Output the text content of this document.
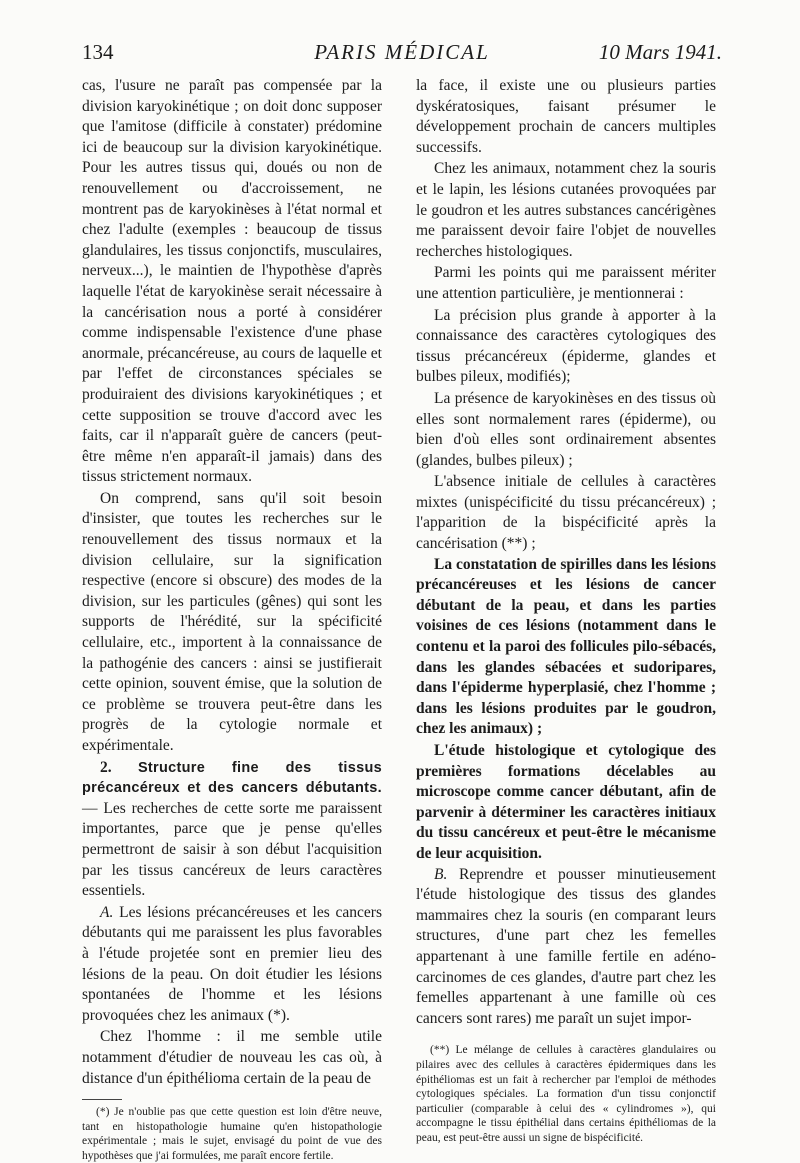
134	PARIS MÉDICAL	10 Mars 1941.

cas, l'usure ne paraît pas compensée par la division karyokinétique ; on doit donc supposer que l'amitose (difficile à constater) prédomine ici de beaucoup sur la division karyokinétique. Pour les autres tissus qui, doués ou non de renouvellement ou d'accroissement, ne montrent pas de karyokinèses à l'état normal et chez l'adulte (exemples : beaucoup de tissus glandulaires, les tissus conjonctifs, musculaires, nerveux...), le maintien de l'hypothèse d'après laquelle l'état de karyokinèse serait nécessaire à la cancérisation nous a porté à considérer comme indispensable l'existence d'une phase anormale, précancéreuse, au cours de laquelle et par l'effet de circonstances spéciales se produiraient des divisions karyokinétiques ; et cette supposition se trouve d'accord avec les faits, car il n'apparaît guère de cancers (peut-être même n'en apparaît-il jamais) dans des tissus strictement normaux.

On comprend, sans qu'il soit besoin d'insister, que toutes les recherches sur le renouvellement des tissus normaux et la division cellulaire, sur la signification respective (encore si obscure) des modes de la division, sur les particules (gênes) qui sont les supports de l'hérédité, sur la spécificité cellulaire, etc., importent à la connaissance de la pathogénie des cancers : ainsi se justifierait cette opinion, souvent émise, que la solution de ce problème se trouvera peut-être dans les progrès de la cytologie normale et expérimentale.

2. Structure fine des tissus précancéreux et des cancers débutants. — Les recherches de cette sorte me paraissent importantes, parce que je pense qu'elles permettront de saisir à son début l'acquisition par les tissus cancéreux de leurs caractères essentiels.

A. Les lésions précancéreuses et les cancers débutants qui me paraissent les plus favorables à l'étude projetée sont en premier lieu des lésions de la peau. On doit étudier les lésions spontanées de l'homme et les lésions provoquées chez les animaux (*).

Chez l'homme : il me semble utile notamment d'étudier de nouveau les cas où, à distance d'un épithélioma certain de la peau de

(*) Je n'oublie pas que cette question est loin d'être neuve, tant en histopathologie humaine qu'en histopathologie expérimentale ; mais le sujet, envisagé du point de vue des hypothèses que j'ai formulées, me paraît encore fertile.

la face, il existe une ou plusieurs parties dyskératosiques, faisant présumer le développement prochain de cancers multiples successifs.

Chez les animaux, notamment chez la souris et le lapin, les lésions cutanées provoquées par le goudron et les autres substances cancérigènes me paraissent devoir faire l'objet de nouvelles recherches histologiques.

Parmi les points qui me paraissent mériter une attention particulière, je mentionnerai :

La précision plus grande à apporter à la connaissance des caractères cytologiques des tissus précancéreux (épiderme, glandes et bulbes pileux, modifiés);

La présence de karyokinèses en des tissus où elles sont normalement rares (épiderme), ou bien d'où elles sont ordinairement absentes (glandes, bulbes pileux) ;

L'absence initiale de cellules à caractères mixtes (unispécificité du tissu précancéreux) ; l'apparition de la bispécificité après la cancérisation (**) ;

La constatation de spirilles dans les lésions précancéreuses et les lésions de cancer débutant de la peau, et dans les parties voisines de ces lésions (notamment dans le contenu et la paroi des follicules pilo-sébacés, dans les glandes sébacées et sudoripares, dans l'épiderme hyperplasié, chez l'homme ; dans les lésions produites par le goudron, chez les animaux) ;

L'étude histologique et cytologique des premières formations décelables au microscope comme cancer débutant, afin de parvenir à déterminer les caractères initiaux du tissu cancéreux et peut-être le mécanisme de leur acquisition.

B. Reprendre et pousser minutieusement l'étude histologique des tissus des glandes mammaires chez la souris (en comparant leurs structures, d'une part chez les femelles appartenant à une famille fertile en adéno-carcinomes de ces glandes, d'autre part chez les femelles appartenant à une famille où ces cancers sont rares) me paraît un sujet impor-

(**) Le mélange de cellules à caractères glandulaires ou pilaires avec des cellules à caractères épidermiques dans les épithéliomas est un fait à rechercher par l'emploi de méthodes cytologiques spéciales. La formation d'un tissu conjonctif particulier (comparable à celui des « cylindromes »), qui accompagne le tissu épithélial dans certains épithéliomas de la peau, est peut-être aussi un signe de bispécificité.
